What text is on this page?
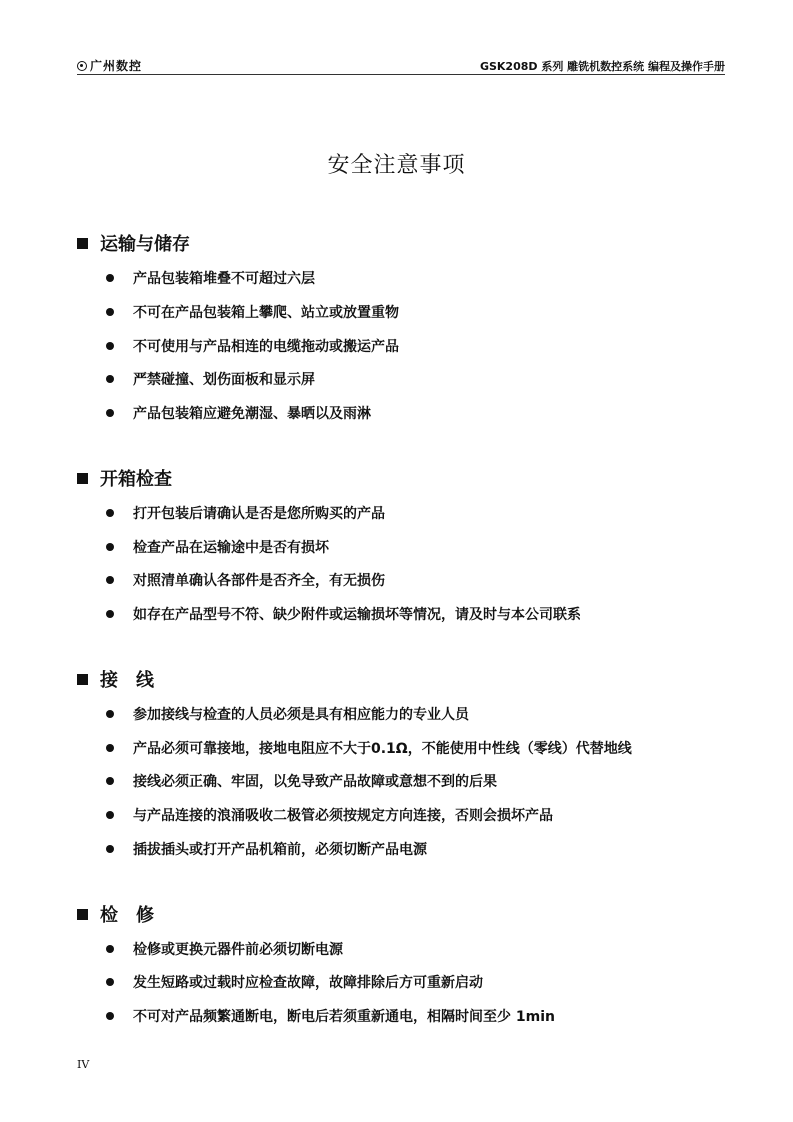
广州数控	GSK208D 系列 雕铣机数控系统 编程及操作手册
安全注意事项
运输与储存
产品包装箱堆叠不可超过六层
不可在产品包装箱上攀爬、站立或放置重物
不可使用与产品相连的电缆拖动或搬运产品
严禁碰撞、划伤面板和显示屏
产品包装箱应避免潮湿、暴晒以及雨淋
开箱检查
打开包装后请确认是否是您所购买的产品
检查产品在运输途中是否有损坏
对照清单确认各部件是否齐全，有无损伤
如存在产品型号不符、缺少附件或运输损坏等情况，请及时与本公司联系
接　线
参加接线与检查的人员必须是具有相应能力的专业人员
产品必须可靠接地，接地电阻应不大于0.1Ω，不能使用中性线（零线）代替地线
接线必须正确、牢固，以免导致产品故障或意想不到的后果
与产品连接的浪涌吸收二极管必须按规定方向连接，否则会损坏产品
插拔插头或打开产品机箱前，必须切断产品电源
检　修
检修或更换元器件前必须切断电源
发生短路或过载时应检查故障，故障排除后方可重新启动
不可对产品频繁通断电，断电后若须重新通电，相隔时间至少 1min
IV
